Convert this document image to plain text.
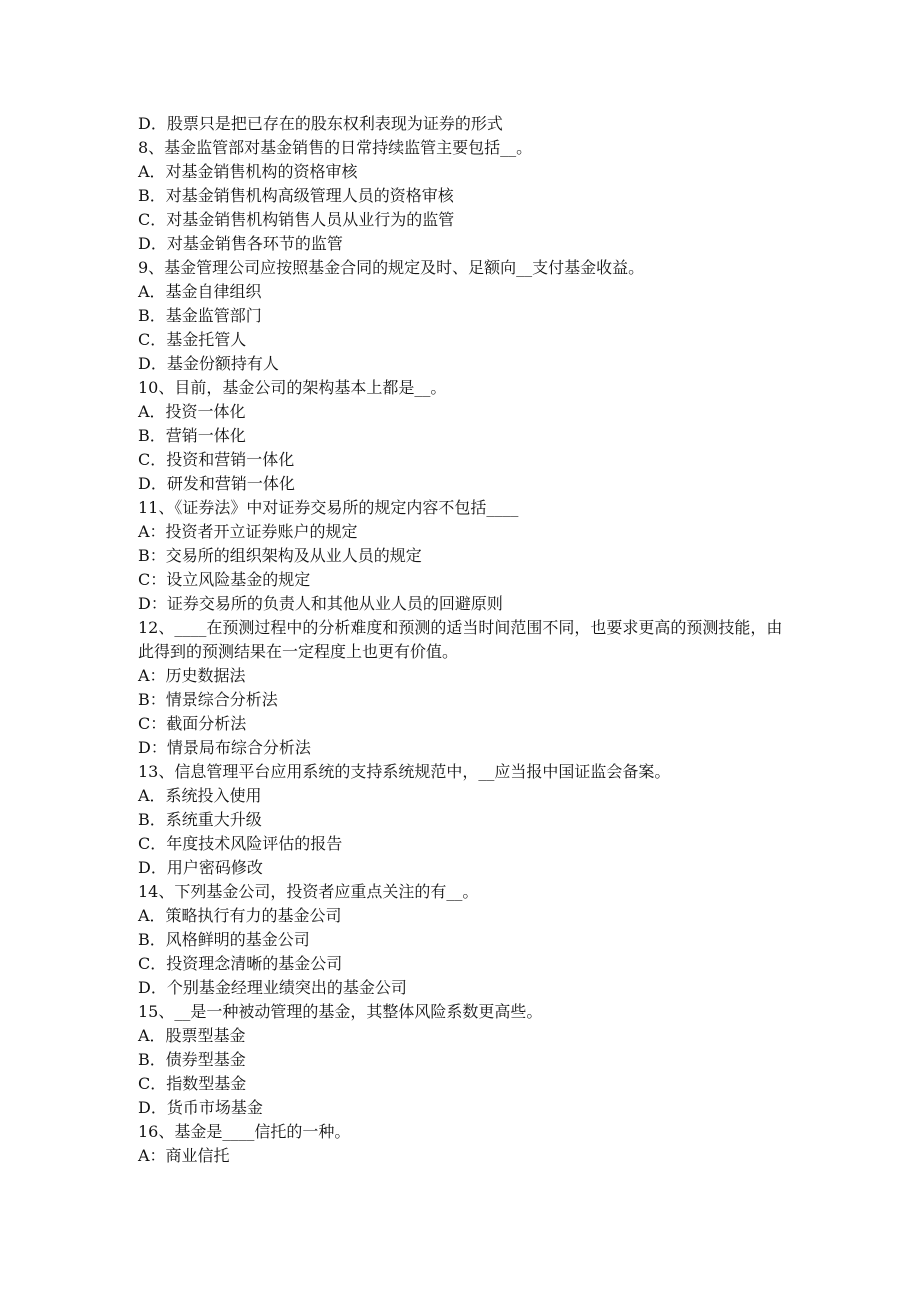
D．股票只是把已存在的股东权利表现为证券的形式
8、基金监管部对基金销售的日常持续监管主要包括__。
A．对基金销售机构的资格审核
B．对基金销售机构高级管理人员的资格审核
C．对基金销售机构销售人员从业行为的监管
D．对基金销售各环节的监管
9、基金管理公司应按照基金合同的规定及时、足额向__支付基金收益。
A．基金自律组织
B．基金监管部门
C．基金托管人
D．基金份额持有人
10、目前，基金公司的架构基本上都是__。
A．投资一体化
B．营销一体化
C．投资和营销一体化
D．研发和营销一体化
11、《证券法》中对证券交易所的规定内容不包括____
A：投资者开立证券账户的规定
B：交易所的组织架构及从业人员的规定
C：设立风险基金的规定
D：证券交易所的负责人和其他从业人员的回避原则
12、____在预测过程中的分析难度和预测的适当时间范围不同，也要求更高的预测技能，由此得到的预测结果在一定程度上也更有价值。
A：历史数据法
B：情景综合分析法
C：截面分析法
D：情景局布综合分析法
13、信息管理平台应用系统的支持系统规范中，__应当报中国证监会备案。
A．系统投入使用
B．系统重大升级
C．年度技术风险评估的报告
D．用户密码修改
14、下列基金公司，投资者应重点关注的有__。
A．策略执行有力的基金公司
B．风格鲜明的基金公司
C．投资理念清晰的基金公司
D．个别基金经理业绩突出的基金公司
15、__是一种被动管理的基金，其整体风险系数更高些。
A．股票型基金
B．债券型基金
C．指数型基金
D．货币市场基金
16、基金是____信托的一种。
A：商业信托
